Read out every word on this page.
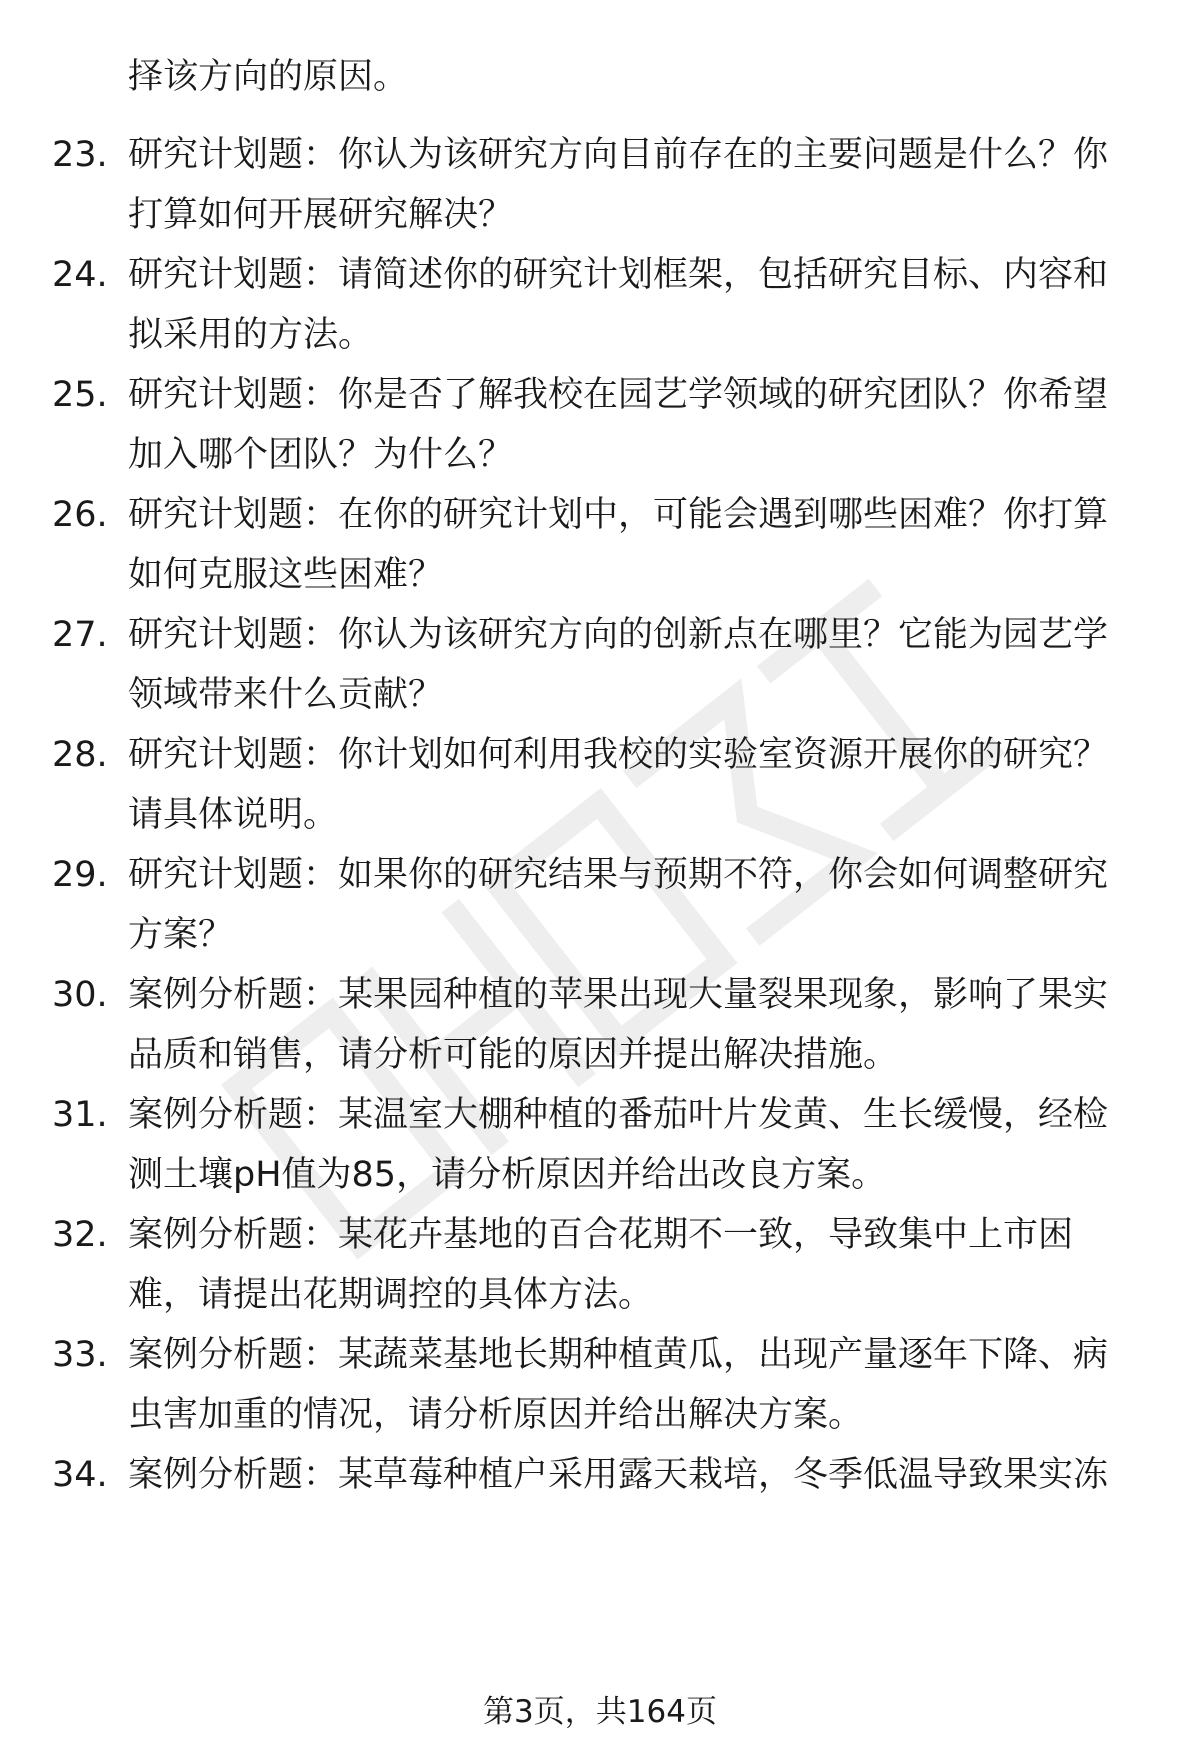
择该方向的原因。
23. 研究计划题：你认为该研究方向目前存在的主要问题是什么？你
打算如何开展研究解决？
24. 研究计划题：请简述你的研究计划框架，包括研究目标、内容和
拟采用的方法。
25. 研究计划题：你是否了解我校在园艺学领域的研究团队？你希望
加入哪个团队？为什么？
26. 研究计划题：在你的研究计划中，可能会遇到哪些困难？你打算
如何克服这些困难？
27. 研究计划题：你认为该研究方向的创新点在哪里？它能为园艺学
领域带来什么贡献？
28. 研究计划题：你计划如何利用我校的实验室资源开展你的研究？
请具体说明。
29. 研究计划题：如果你的研究结果与预期不符，你会如何调整研究
方案？
30. 案例分析题：某果园种植的苹果出现大量裂果现象，影响了果实
品质和销售，请分析可能的原因并提出解决措施。
31. 案例分析题：某温室大棚种植的番茄叶片发黄、生长缓慢，经检
测土壤pH值为85，请分析原因并给出改良方案。
32. 案例分析题：某花卉基地的百合花期不一致，导致集中上市困
难，请提出花期调控的具体方法。
33. 案例分析题：某蔬菜基地长期种植黄瓜，出现产量逐年下降、病
虫害加重的情况，请分析原因并给出解决方案。
34. 案例分析题：某草莓种植户采用露天栽培，冬季低温导致果实冻
第3页，共164页
